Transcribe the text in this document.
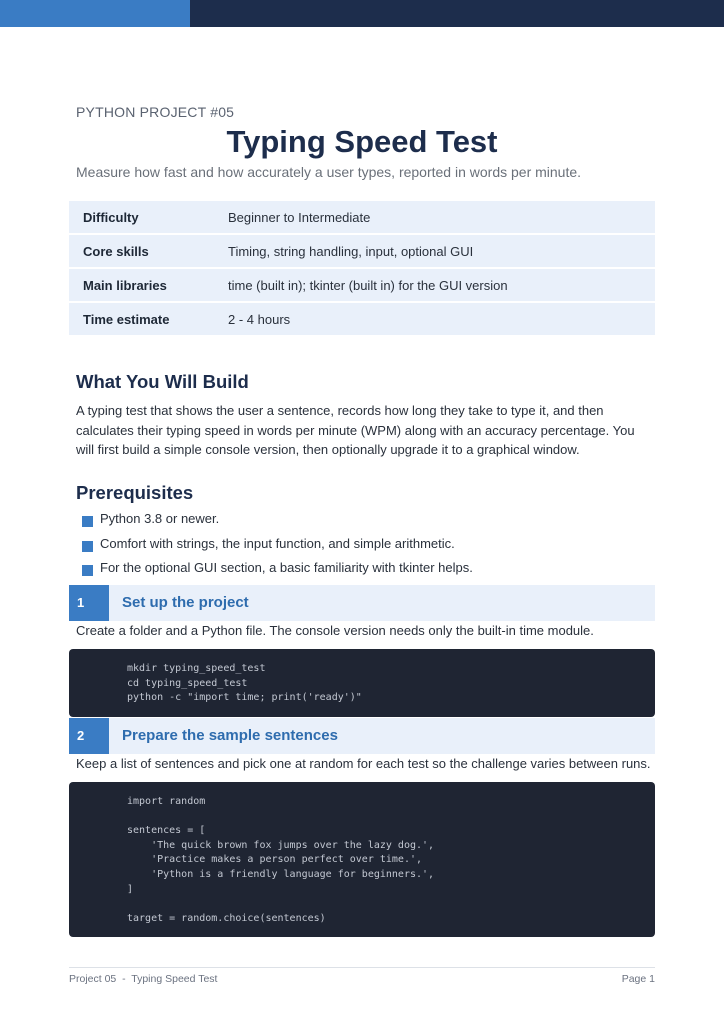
PYTHON PROJECT #05
Typing Speed Test
Measure how fast and how accurately a user types, reported in words per minute.
Difficulty	Beginner to Intermediate
Core skills	Timing, string handling, input, optional GUI
Main libraries	time (built in); tkinter (built in) for the GUI version
Time estimate	2 - 4 hours
What You Will Build
A typing test that shows the user a sentence, records how long they take to type it, and then calculates their typing speed in words per minute (WPM) along with an accuracy percentage. You will first build a simple console version, then optionally upgrade it to a graphical window.
Prerequisites
Python 3.8 or newer.
Comfort with strings, the input function, and simple arithmetic.
For the optional GUI section, a basic familiarity with tkinter helps.
1	Set up the project
Create a folder and a Python file. The console version needs only the built-in time module.
mkdir typing_speed_test
cd typing_speed_test
python -c "import time; print('ready')"
2	Prepare the sample sentences
Keep a list of sentences and pick one at random for each test so the challenge varies between runs.
import random
sentences = [
'The quick brown fox jumps over the lazy dog.',
'Practice makes a person perfect over time.',
'Python is a friendly language for beginners.',
]
target = random.choice(sentences)
Project 05  -  Typing Speed Test	Page 1
